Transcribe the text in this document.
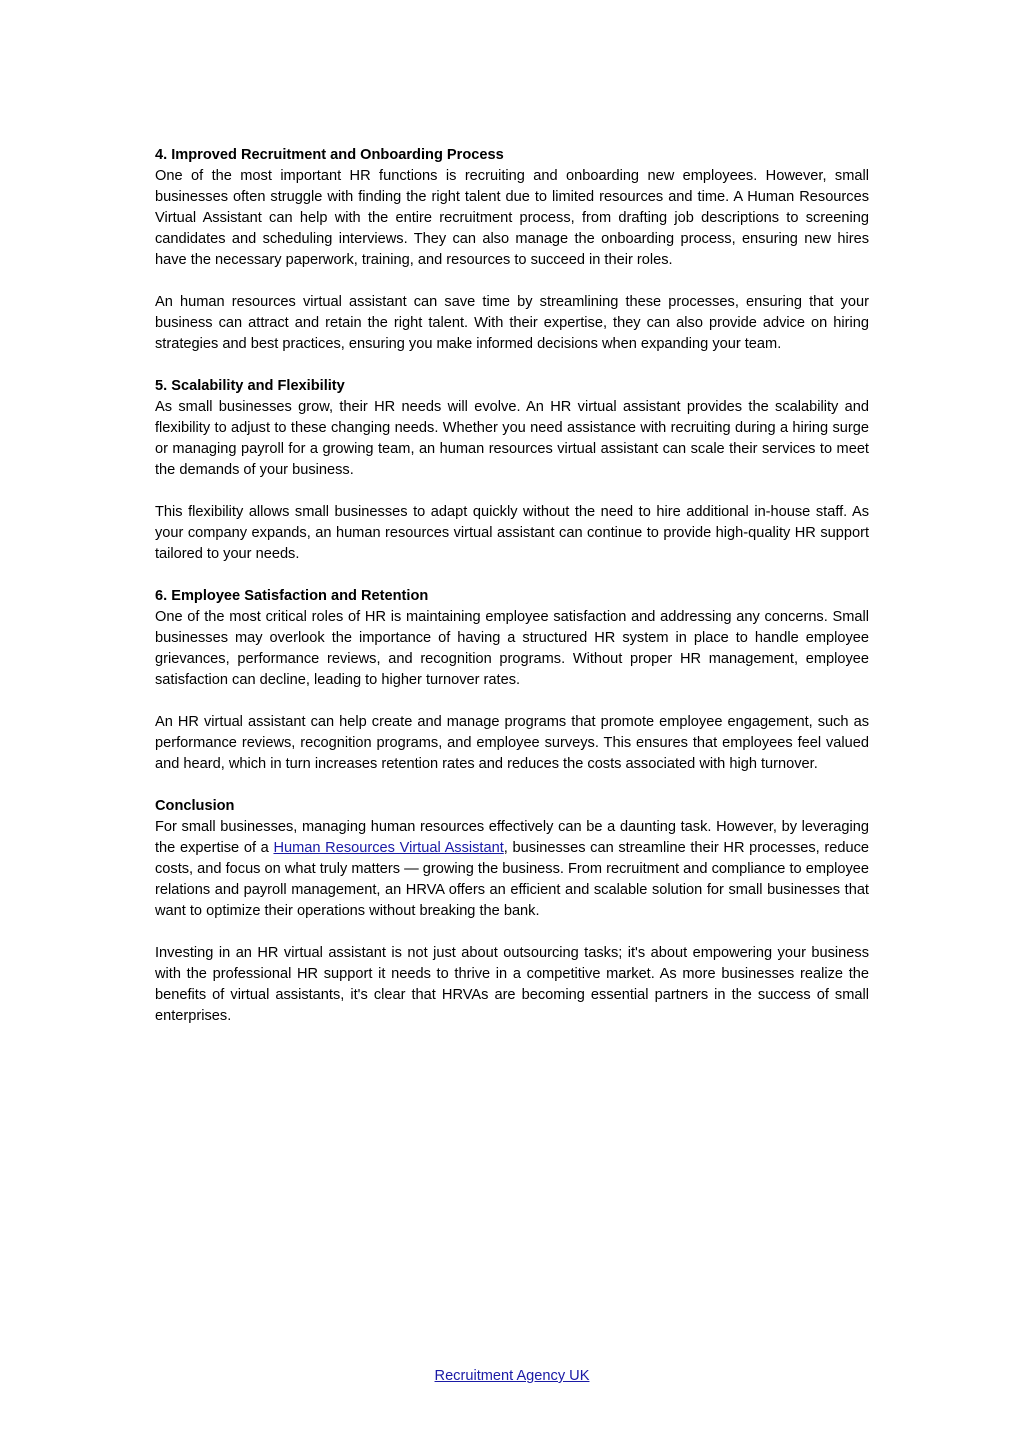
4. Improved Recruitment and Onboarding Process

One of the most important HR functions is recruiting and onboarding new employees. However, small businesses often struggle with finding the right talent due to limited resources and time. A Human Resources Virtual Assistant can help with the entire recruitment process, from drafting job descriptions to screening candidates and scheduling interviews. They can also manage the onboarding process, ensuring new hires have the necessary paperwork, training, and resources to succeed in their roles.

An human resources virtual assistant can save time by streamlining these processes, ensuring that your business can attract and retain the right talent. With their expertise, they can also provide advice on hiring strategies and best practices, ensuring you make informed decisions when expanding your team.

5. Scalability and Flexibility

As small businesses grow, their HR needs will evolve. An HR virtual assistant provides the scalability and flexibility to adjust to these changing needs. Whether you need assistance with recruiting during a hiring surge or managing payroll for a growing team, an human resources virtual assistant can scale their services to meet the demands of your business.

This flexibility allows small businesses to adapt quickly without the need to hire additional in-house staff. As your company expands, an human resources virtual assistant can continue to provide high-quality HR support tailored to your needs.

6. Employee Satisfaction and Retention

One of the most critical roles of HR is maintaining employee satisfaction and addressing any concerns. Small businesses may overlook the importance of having a structured HR system in place to handle employee grievances, performance reviews, and recognition programs. Without proper HR management, employee satisfaction can decline, leading to higher turnover rates.

An HR virtual assistant can help create and manage programs that promote employee engagement, such as performance reviews, recognition programs, and employee surveys. This ensures that employees feel valued and heard, which in turn increases retention rates and reduces the costs associated with high turnover.

Conclusion

For small businesses, managing human resources effectively can be a daunting task. However, by leveraging the expertise of a Human Resources Virtual Assistant, businesses can streamline their HR processes, reduce costs, and focus on what truly matters — growing the business. From recruitment and compliance to employee relations and payroll management, an HRVA offers an efficient and scalable solution for small businesses that want to optimize their operations without breaking the bank.

Investing in an HR virtual assistant is not just about outsourcing tasks; it's about empowering your business with the professional HR support it needs to thrive in a competitive market. As more businesses realize the benefits of virtual assistants, it's clear that HRVAs are becoming essential partners in the success of small enterprises.

Recruitment Agency UK
